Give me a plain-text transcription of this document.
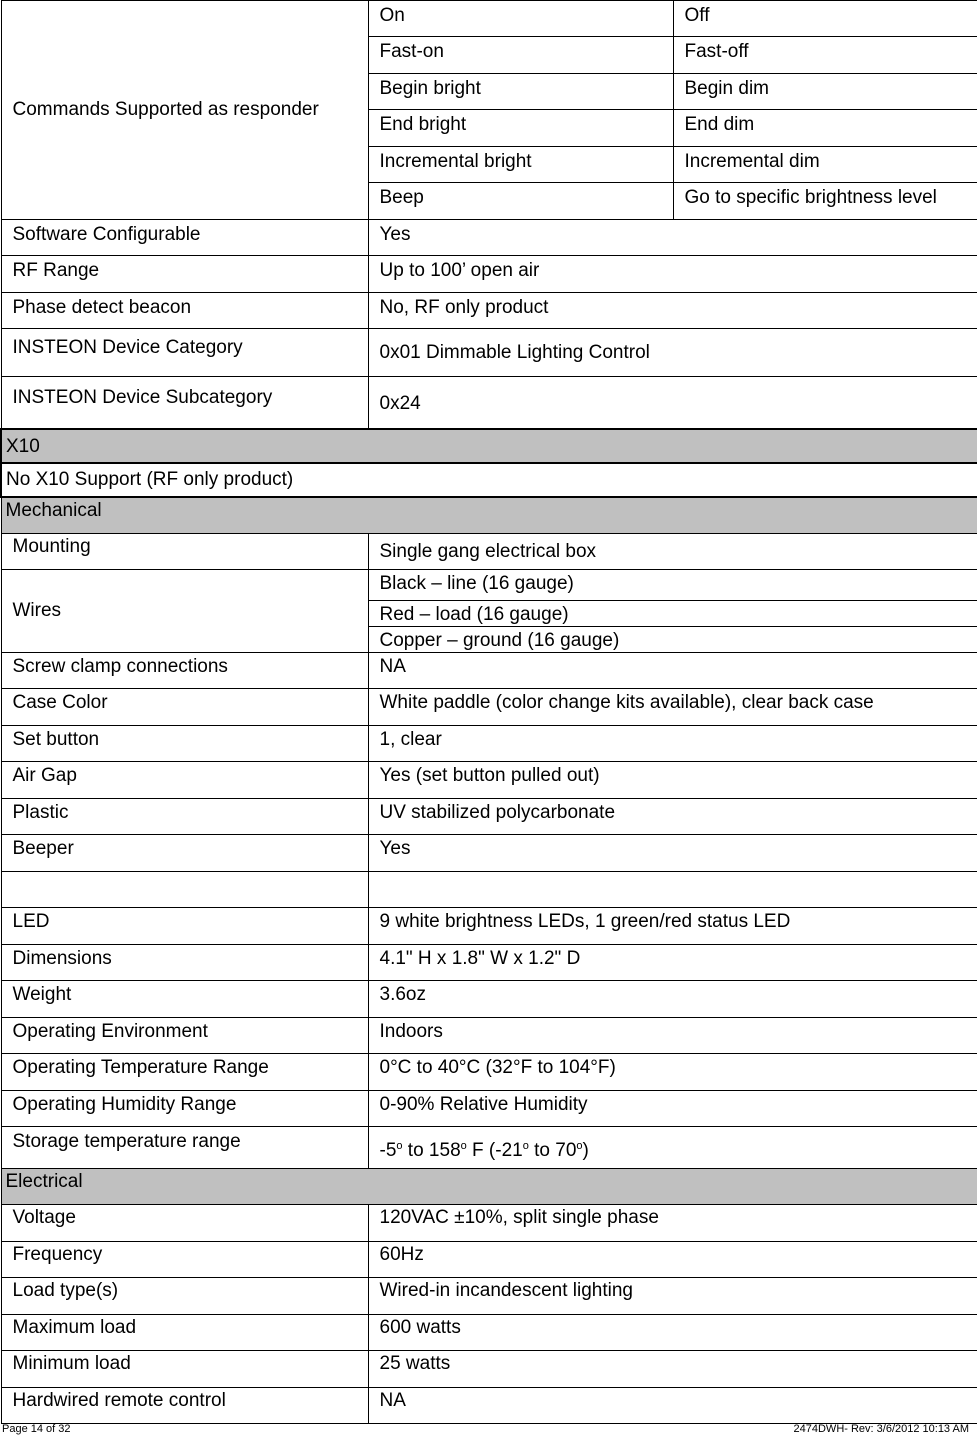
Commands Supported as responder	On	Off
	Fast-on	Fast-off
	Begin bright	Begin dim
	End bright	End dim
	Incremental bright	Incremental dim
	Beep	Go to specific brightness level
Software Configurable	Yes	
RF Range	Up to 100’ open air	
Phase detect beacon	No, RF only product	
INSTEON Device Category	0x01 Dimmable Lighting Control	
INSTEON Device Subcategory	0x24	
X10		
No X10 Support (RF only product)		
Mechanical		
Mounting	Single gang electrical box	
Wires	Black – line (16 gauge)	
	Red – load (16 gauge)	
	Copper – ground (16 gauge)	
Screw clamp connections	NA	
Case Color	White paddle (color change kits available), clear back case	
Set button	1, clear	
Air Gap	Yes (set button pulled out)	
Plastic	UV stabilized polycarbonate	
Beeper	Yes	

LED	9 white brightness LEDs, 1 green/red status LED	
Dimensions	4.1" H x 1.8" W x 1.2" D	
Weight	3.6oz	
Operating Environment	Indoors	
Operating Temperature Range	0°C to 40°C (32°F to 104°F)	
Operating Humidity Range	0-90% Relative Humidity	
Storage temperature range	-5$^o$ to 158$^o$ F (-21$^o$ to 70$^o$)	
Electrical		
Voltage	120VAC ±10%, split single phase	
Frequency	60Hz	
Load type(s)	Wired-in incandescent lighting	
Maximum load	600 watts	
Minimum load	25 watts	
Hardwired remote control	NA	
Page 14 of 32	2474DWH- Rev: 3/6/2012 10:13 AM
